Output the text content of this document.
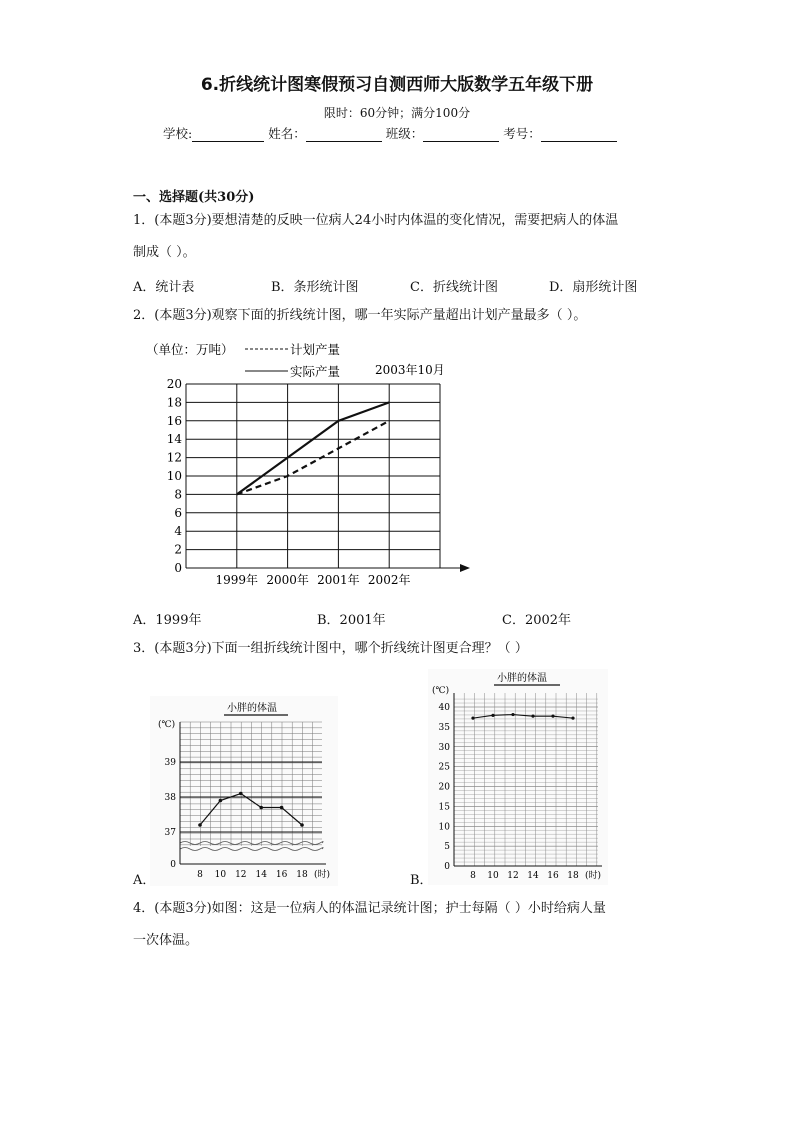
6.折线统计图寒假预习自测西师大版数学五年级下册
限时：60分钟；满分100分
学校:	姓名：	班级：	考号：
一、选择题(共30分)
1．(本题3分)要想清楚的反映一位病人24小时内体温的变化情况，需要把病人的体温
制成（ ）。
A．统计表	B．条形统计图	C．折线统计图	D．扇形统计图
2．(本题3分)观察下面的折线统计图，哪一年实际产量超出计划产量最多（ ）。
（单位：万吨）	计划产量
实际产量	2003年10月
20
18
16
14
12
10
8
6
4
2
0
1999年 2000年 2001年 2002年
A．1999年	B．2001年	C．2002年
3．(本题3分)下面一组折线统计图中，哪个折线统计图更合理？（ ）
小胖的体温
(℃)
39
38
37
0
8 10 12 14 16 18 (时)
A．
小胖的体温
(℃)
40
35
30
25
20
15
10
5
0
8 10 12 14 16 18 (时)
B．
4．(本题3分)如图：这是一位病人的体温记录统计图；护士每隔（ ）小时给病人量
一次体温。
